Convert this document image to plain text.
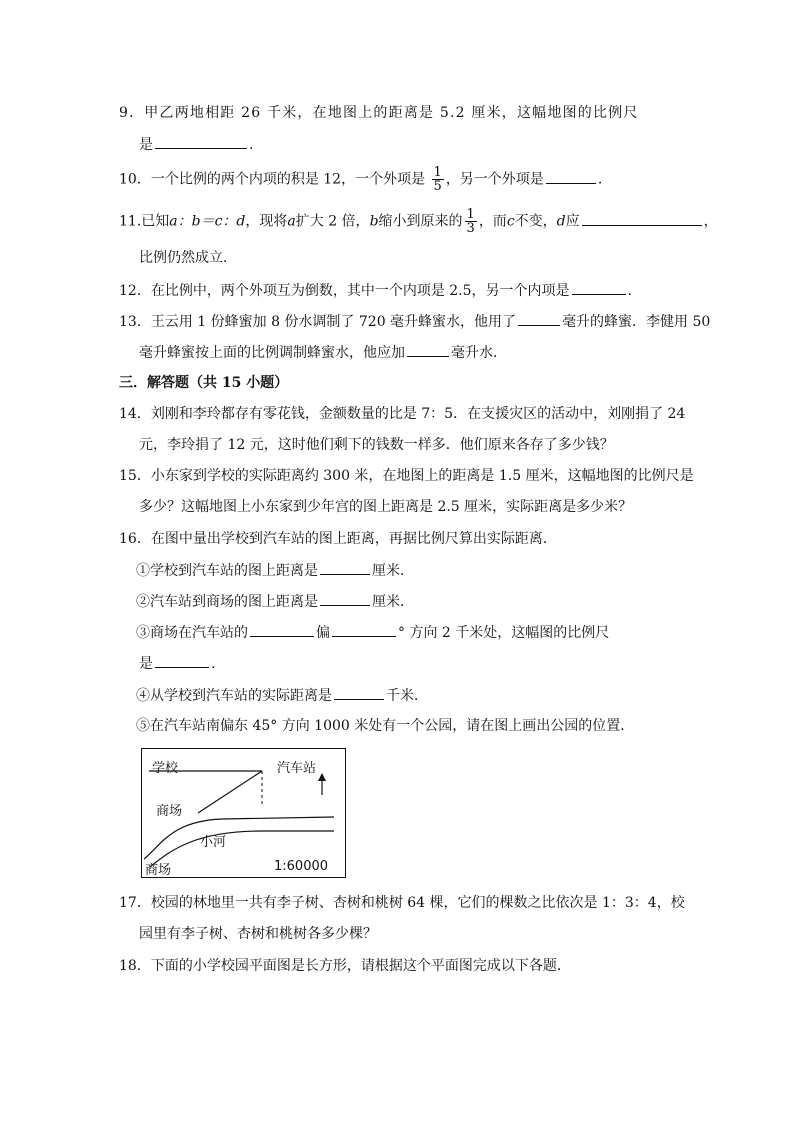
9．甲乙两地相距 26 千米，在地图上的距离是 5.2 厘米，这幅地图的比例尺
是	.
10．一个比例的两个内项的积是 12，一个外项是 $\frac{1}{5}$ ，另一个外项是	.
11.已知a：b＝c：d，现将a扩大 2 倍，b缩小到原来的 $\frac{1}{3}$ ，而c不变，d应	，
比例仍然成立．
12．在比例中，两个外项互为倒数，其中一个内项是 2.5，另一个内项是	.
13．王云用 1 份蜂蜜加 8 份水调制了 720 毫升蜂蜜水，他用了	毫升的蜂蜜．李健用 50
毫升蜂蜜按上面的比例调制蜂蜜水，他应加	毫升水．
三．解答题（共 15 小题）
14．刘刚和李玲都存有零花钱，金额数量的比是 7：5．在支援灾区的活动中，刘刚捐了 24
元，李玲捐了 12 元，这时他们剩下的钱数一样多．他们原来各存了多少钱？
15．小东家到学校的实际距离约 300 米，在地图上的距离是 1.5 厘米，这幅地图的比例尺是
多少？这幅地图上小东家到少年宫的图上距离是 2.5 厘米，实际距离是多少米？
16．在图中量出学校到汽车站的图上距离，再据比例尺算出实际距离．
①学校到汽车站的图上距离是	厘米．
②汽车站到商场的图上距离是	厘米．
③商场在汽车站的	偏	° 方向 2 千米处，这幅图的比例尺
是	.
④从学校到汽车站的实际距离是	千米．
⑤在汽车站南偏东 45° 方向 1000 米处有一个公园，请在图上画出公园的位置．
学校	汽车站
商场
小河
商场	1:60000
17．校园的林地里一共有李子树、杏树和桃树 64 棵，它们的棵数之比依次是 1：3：4，校
园里有李子树、杏树和桃树各多少棵？
18．下面的小学校园平面图是长方形，请根据这个平面图完成以下各题．
